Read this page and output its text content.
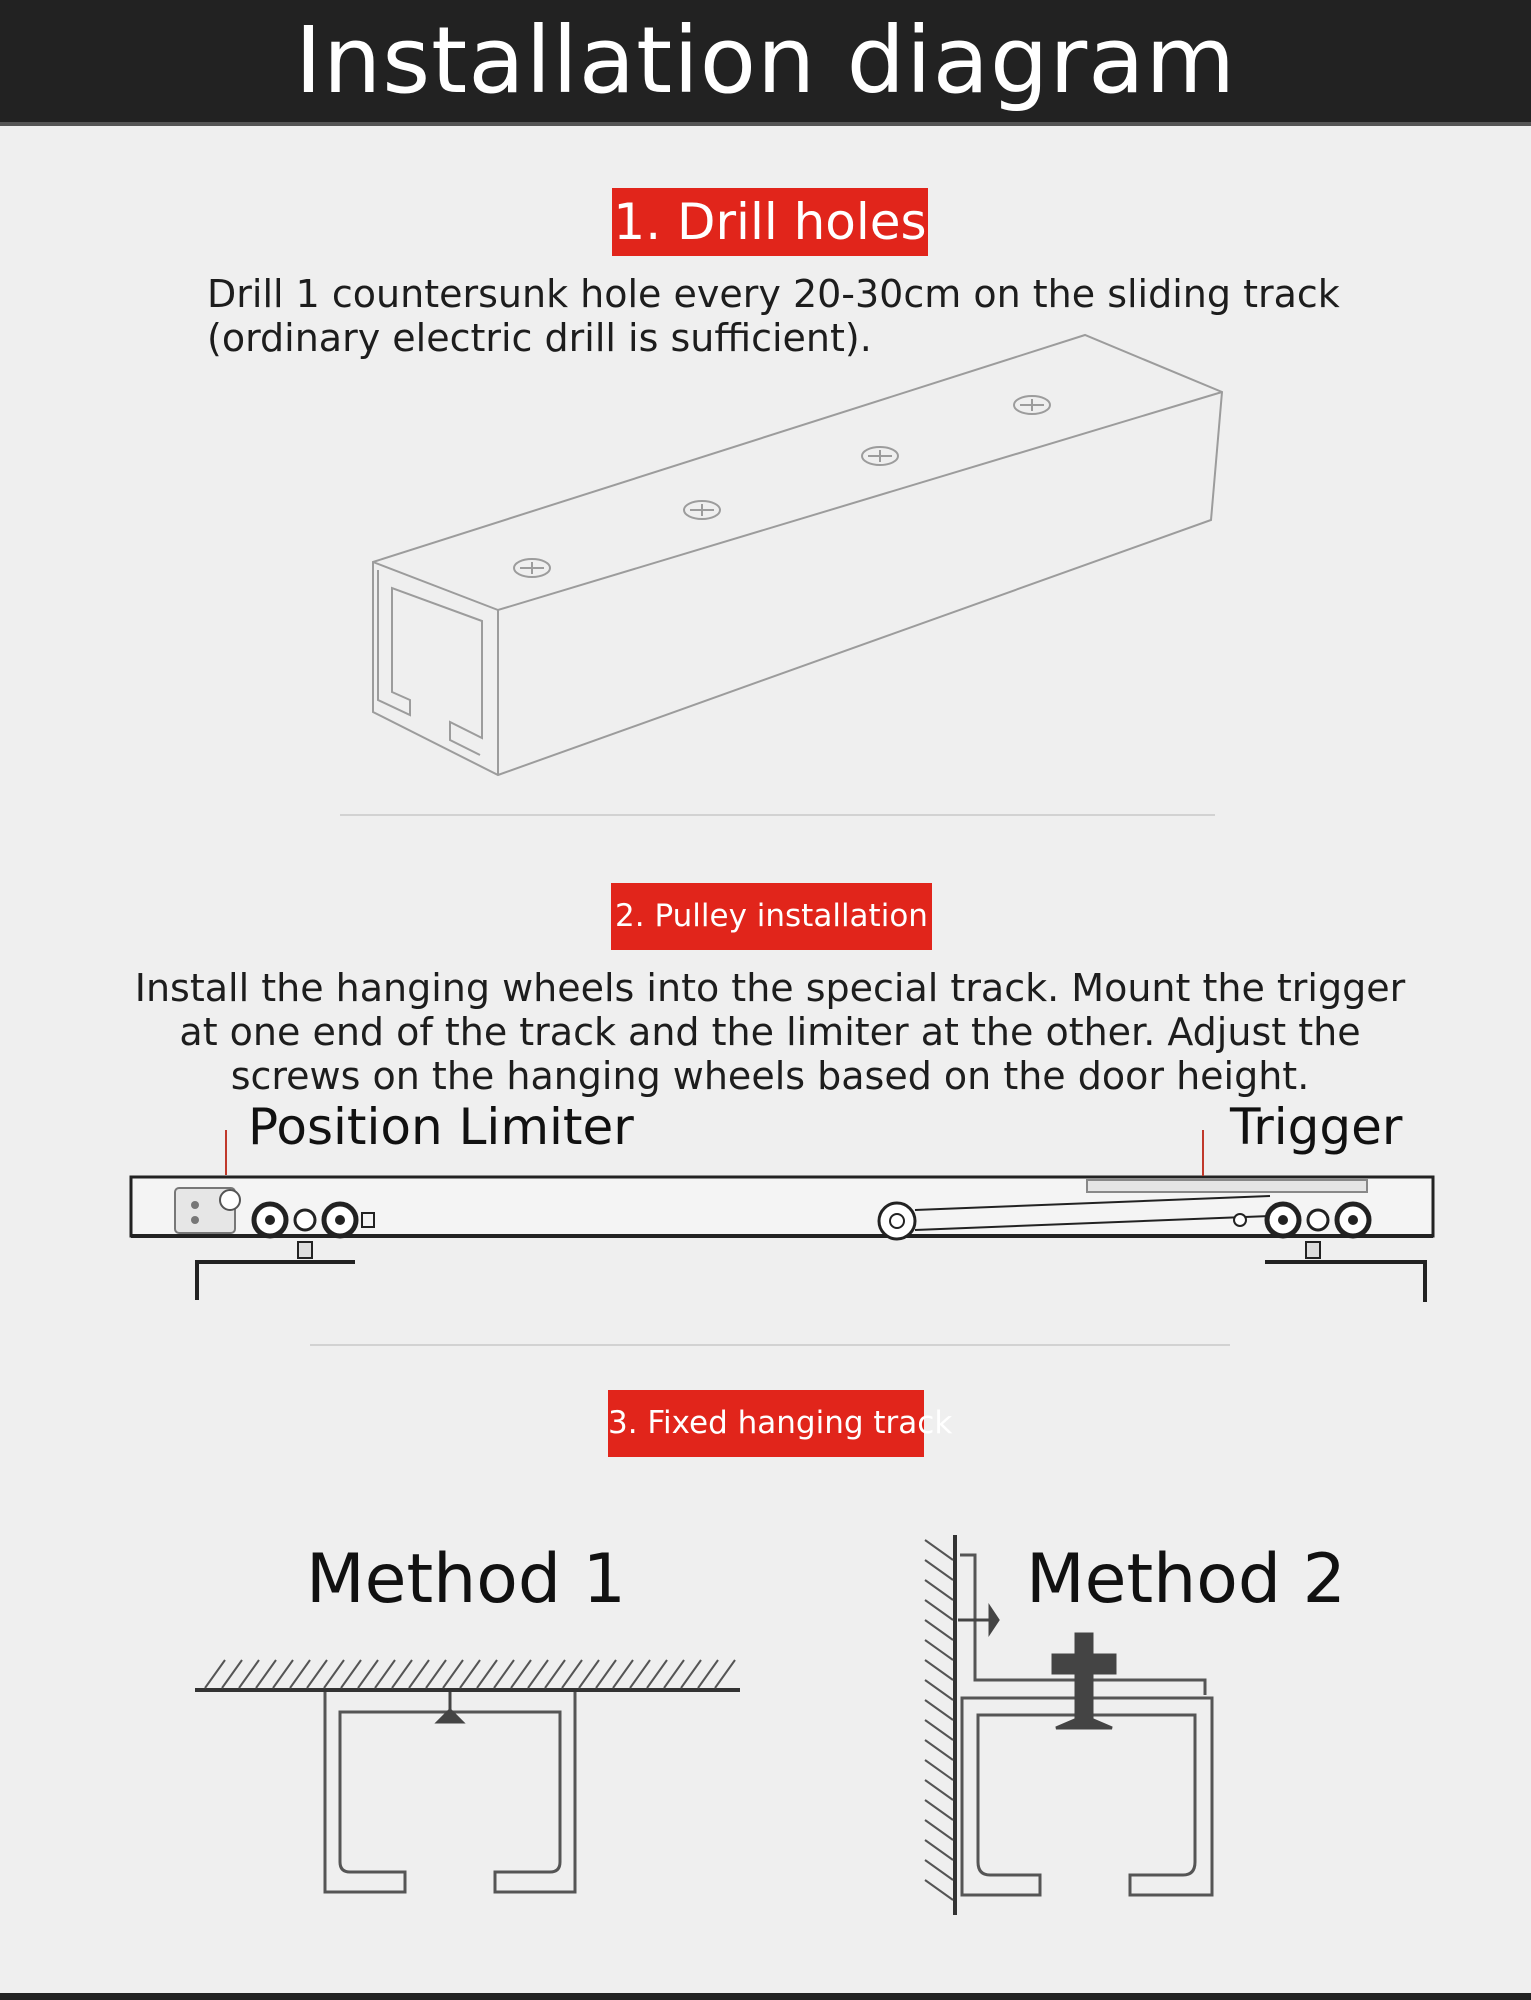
Installation diagram
1. Drill holes
Drill 1 countersunk hole every 20-30cm on the sliding track
(ordinary electric drill is sufficient).
2. Pulley installation
Install the hanging wheels into the special track. Mount the trigger
at one end of the track and the limiter at the other. Adjust the
screws on the hanging wheels based on the door height.
Position Limiter	Trigger
3. Fixed hanging track
Method 1	Method 2
